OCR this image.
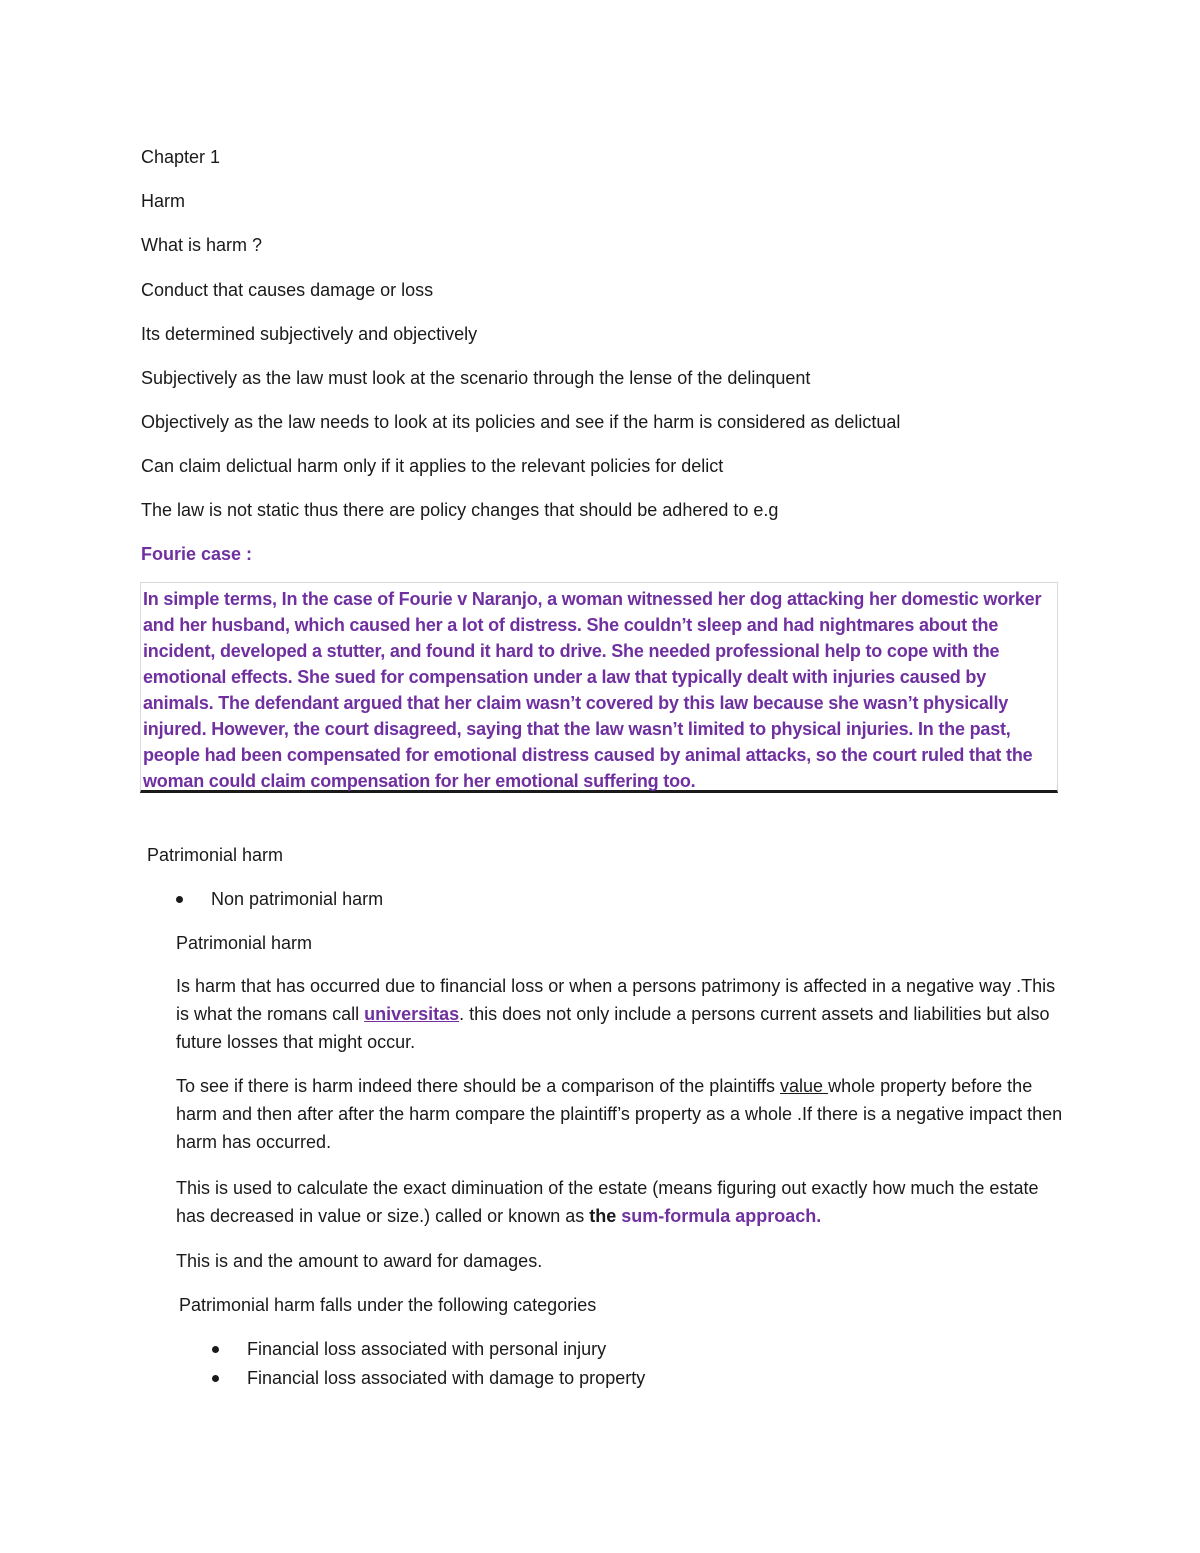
Chapter 1

Harm

What is harm ?

Conduct that causes damage or loss

Its determined subjectively and objectively

Subjectively as the law must look at the scenario through the lense of the delinquent

Objectively as the law needs to look at its policies and see if the harm is considered as delictual

Can claim delictual harm only if it applies to the relevant policies for delict

The law is not static thus there are policy changes that should be adhered to e.g

Fourie case :

In simple terms, In the case of Fourie v Naranjo, a woman witnessed her dog attacking her domestic worker and her husband, which caused her a lot of distress. She couldn’t sleep and had nightmares about the incident, developed a stutter, and found it hard to drive. She needed professional help to cope with the emotional effects. She sued for compensation under a law that typically dealt with injuries caused by animals. The defendant argued that her claim wasn’t covered by this law because she wasn’t physically injured. However, the court disagreed, saying that the law wasn’t limited to physical injuries. In the past, people had been compensated for emotional distress caused by animal attacks, so the court ruled that the woman could claim compensation for her emotional suffering too.

Patrimonial harm

Non patrimonial harm

Patrimonial harm

Is harm that has occurred due to financial loss or when a persons patrimony is affected in a negative way .This is what the romans call universitas. this does not only include a persons current assets and liabilities but also future losses that might occur.

To see if there is harm indeed there should be a comparison of the plaintiffs value whole property before the harm and then after after the harm compare the plaintiff’s property as a whole .If there is a negative impact then harm has occurred.

This is used to calculate the exact diminuation of the estate (means figuring out exactly how much the estate has decreased in value or size.) called or known as the sum-formula approach.

This is and the amount to award for damages.

Patrimonial harm falls under the following categories

Financial loss associated with personal injury
Financial loss associated with damage to property
